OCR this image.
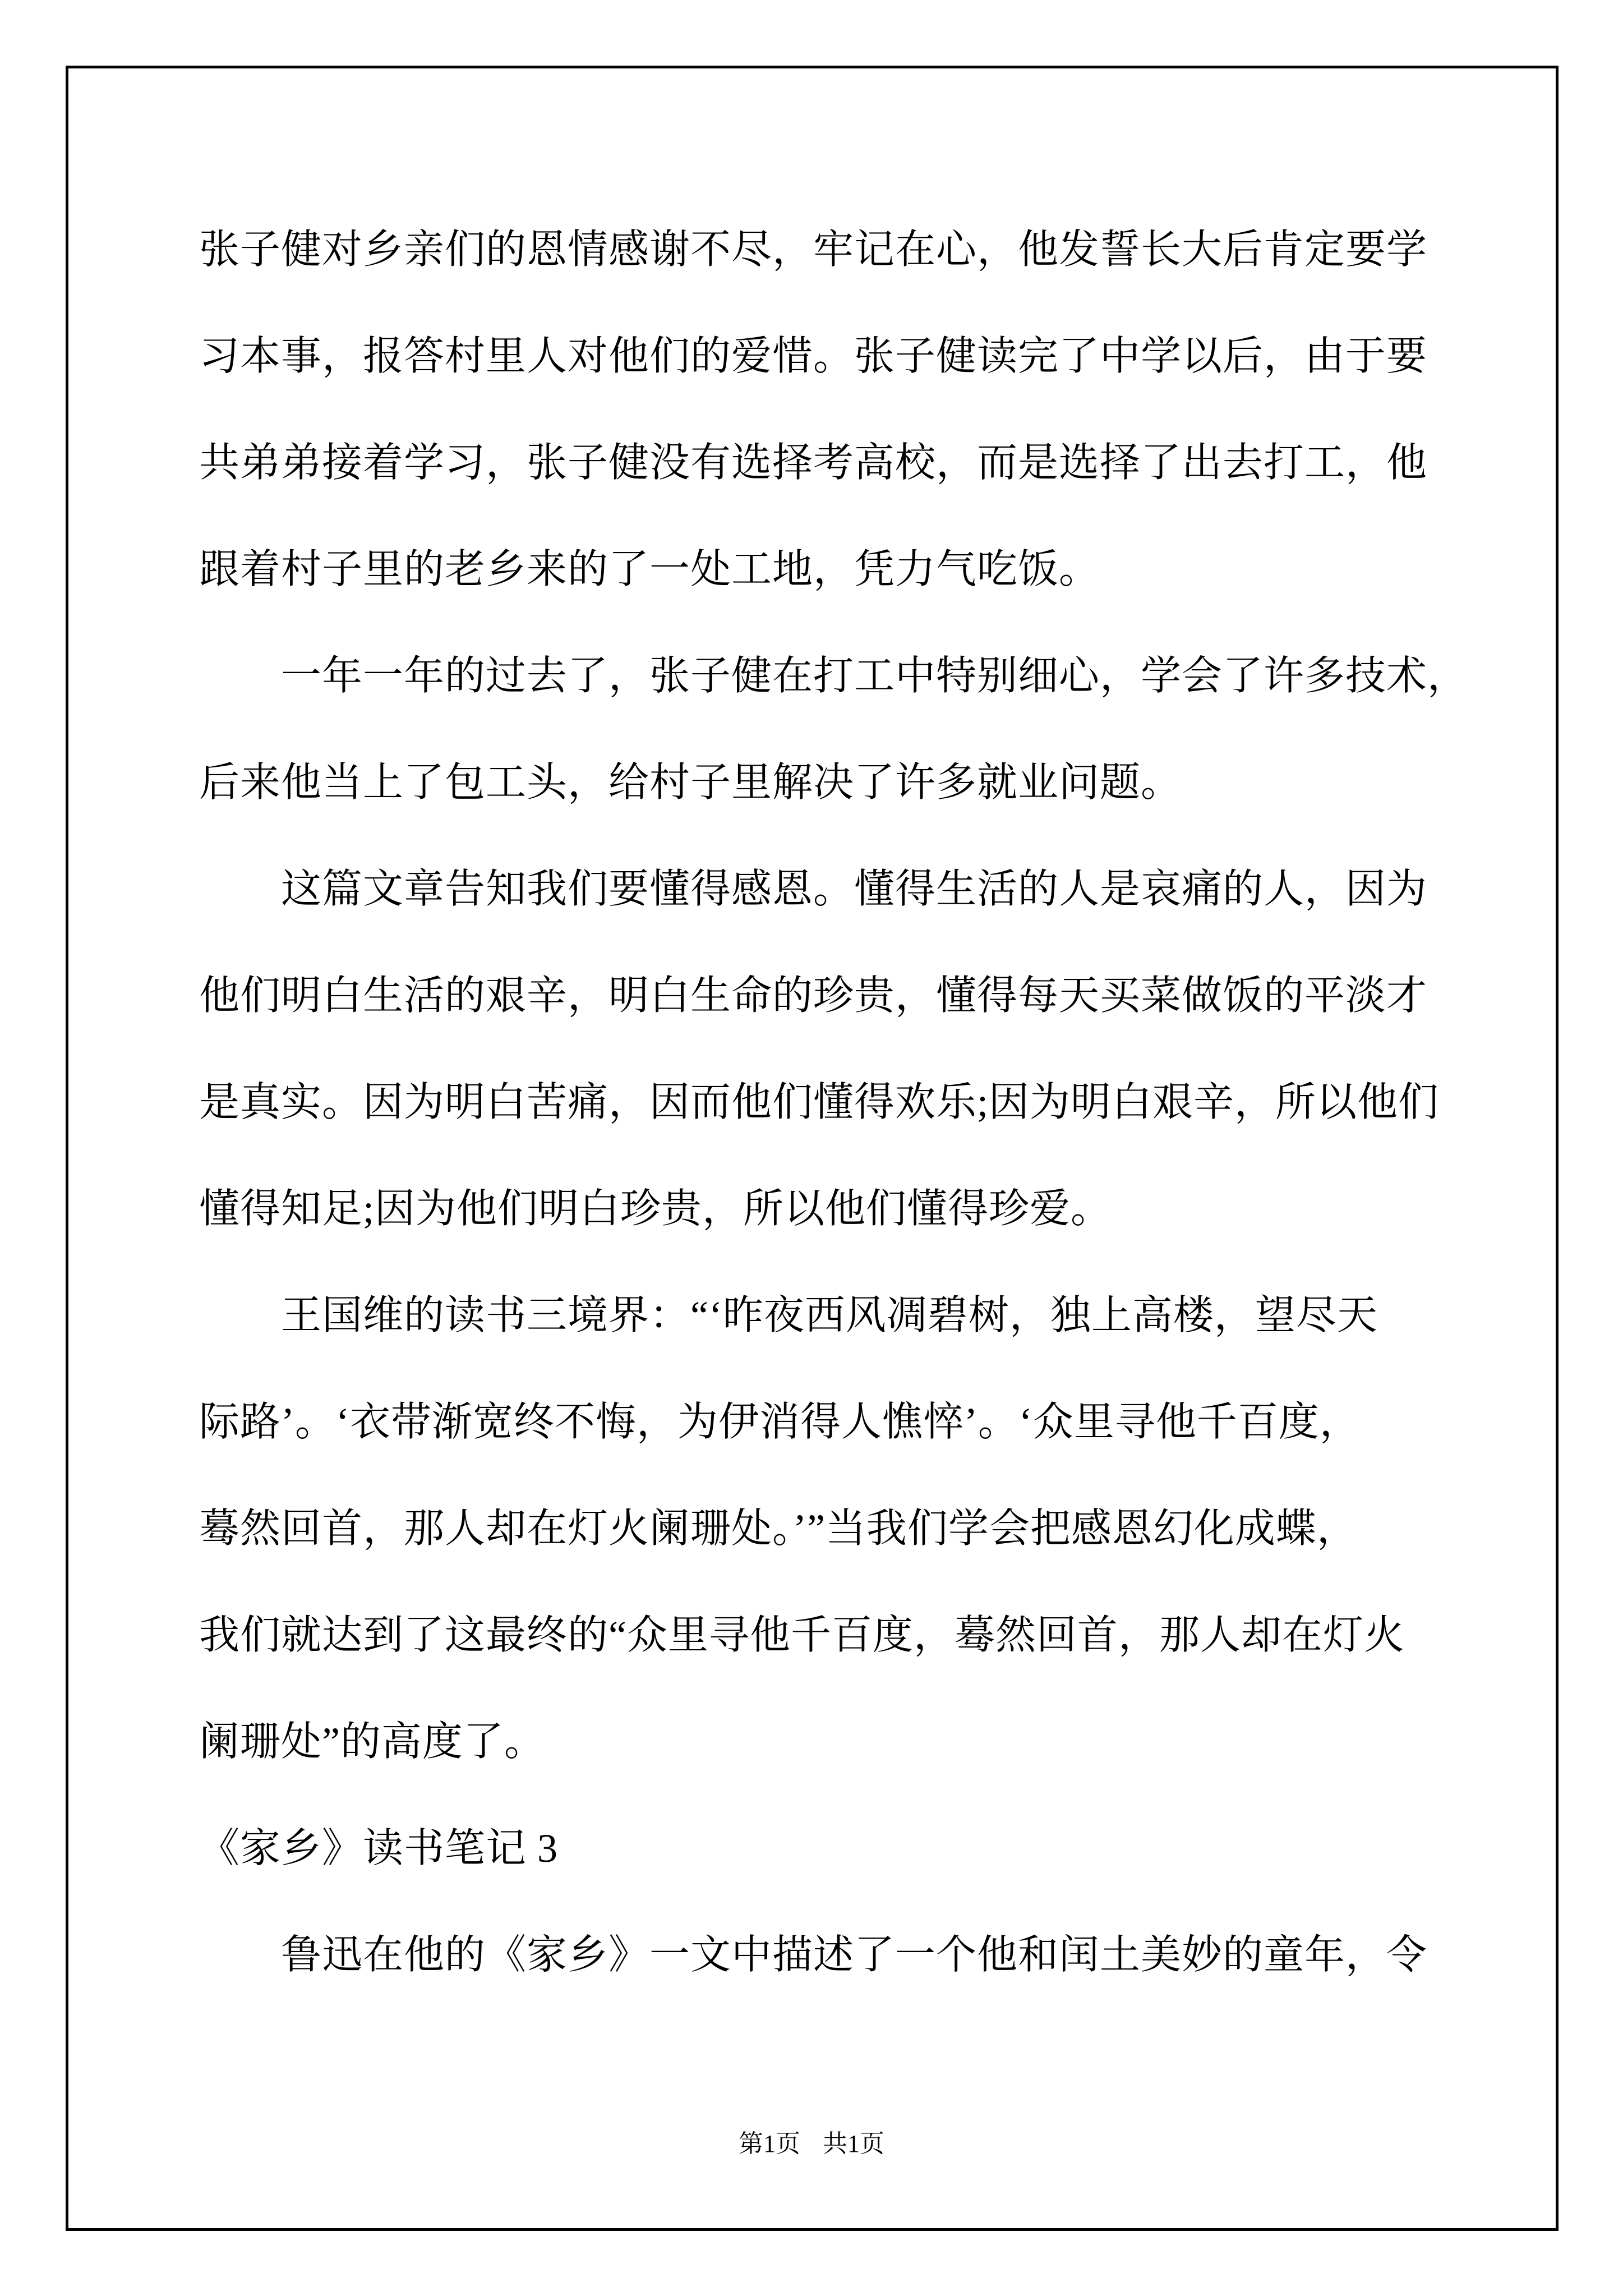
张子健对乡亲们的恩情感谢不尽，牢记在心，他发誓长大后肯定要学
习本事，报答村里人对他们的爱惜。张子健读完了中学以后，由于要
共弟弟接着学习，张子健没有选择考高校，而是选择了出去打工，他
跟着村子里的老乡来的了一处工地，凭力气吃饭。
一年一年的过去了，张子健在打工中特别细心，学会了许多技术，
后来他当上了包工头，给村子里解决了许多就业问题。
这篇文章告知我们要懂得感恩。懂得生活的人是哀痛的人，因为
他们明白生活的艰辛，明白生命的珍贵，懂得每天买菜做饭的平淡才
是真实。因为明白苦痛，因而他们懂得欢乐;因为明白艰辛，所以他们
懂得知足;因为他们明白珍贵，所以他们懂得珍爱。
王国维的读书三境界：“‘昨夜西风凋碧树，独上高楼，望尽天
际路’。‘衣带渐宽终不悔，为伊消得人憔悴’。‘众里寻他千百度，
蓦然回首，那人却在灯火阑珊处。’”当我们学会把感恩幻化成蝶，
我们就达到了这最终的“众里寻他千百度，蓦然回首，那人却在灯火
阑珊处”的高度了。
《家乡》读书笔记 3
鲁迅在他的《家乡》一文中描述了一个他和闰土美妙的童年，令
第1页 共1页
